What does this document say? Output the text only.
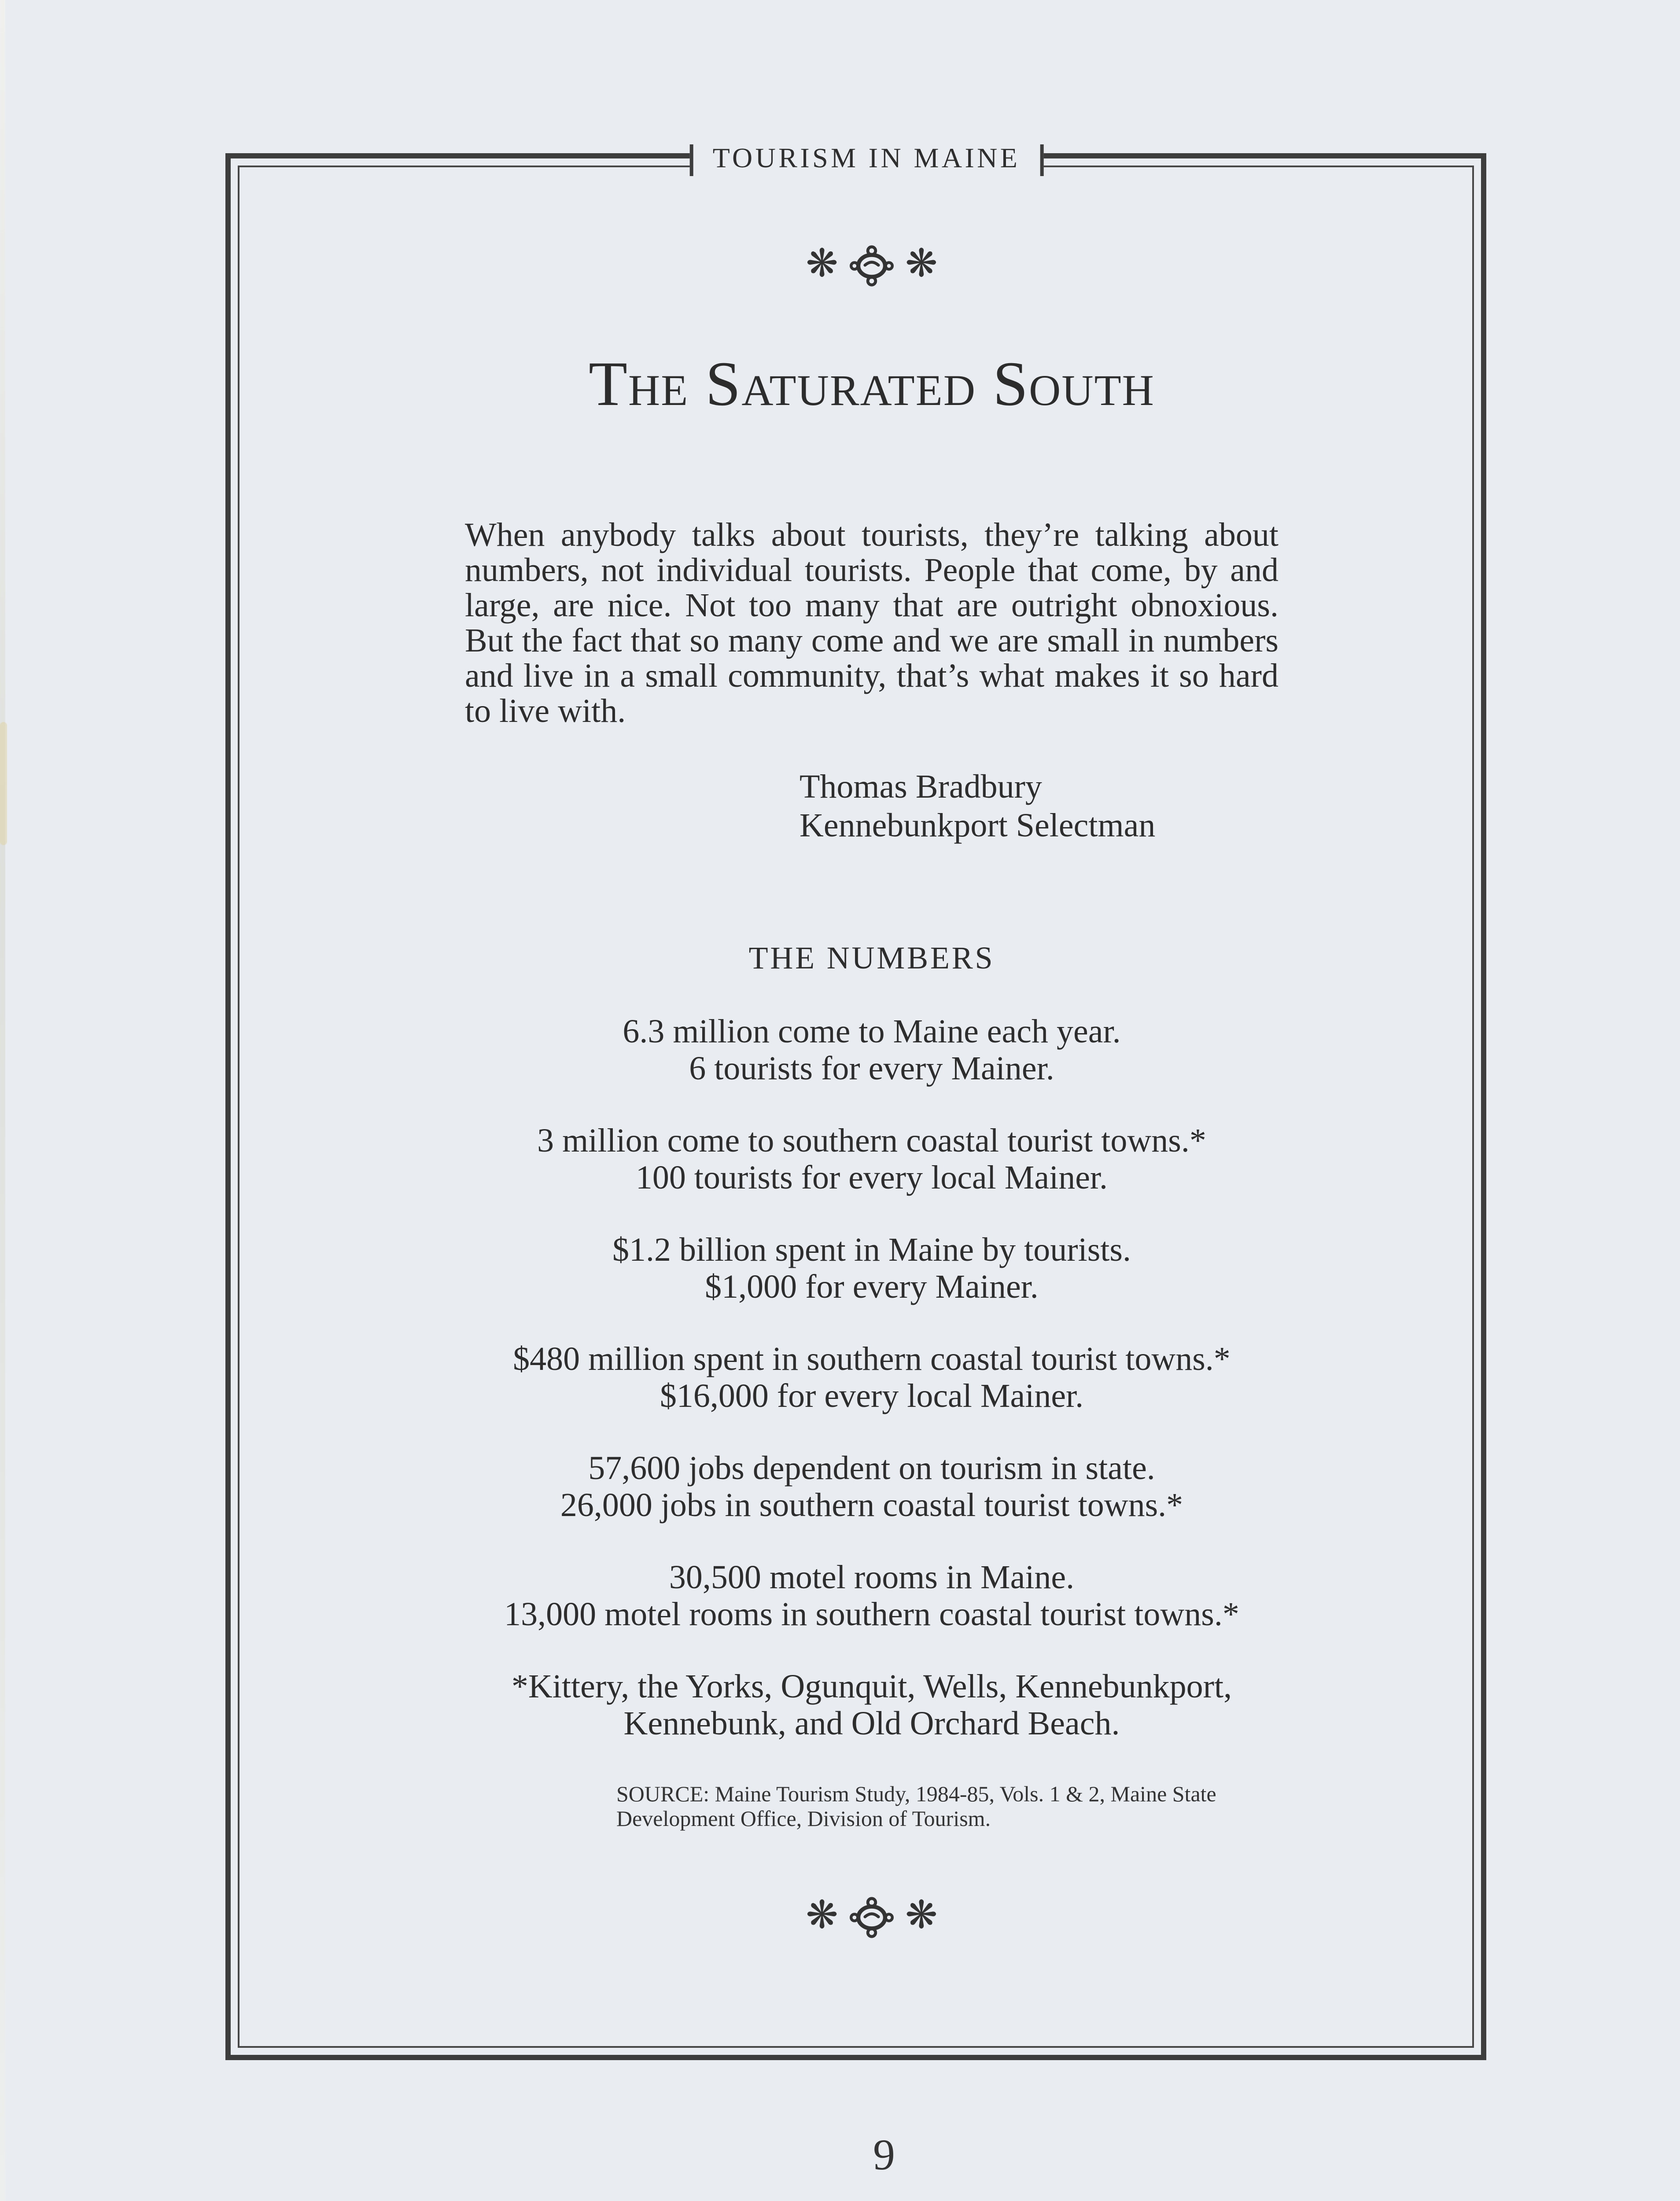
TOURISM IN MAINE
❋	❋
The Saturated South

When anybody talks about tourists, they’re talking about numbers, not individual tourists. People that come, by and large, are nice. Not too many that are outright obnoxious. But the fact that so many come and we are small in numbers and live in a small community, that’s what makes it so hard to live with.

Thomas Bradbury
Kennebunkport Selectman
THE NUMBERS
6.3 million come to Maine each year.
6 tourists for every Mainer.
3 million come to southern coastal tourist towns.*
100 tourists for every local Mainer.
$1.2 billion spent in Maine by tourists.
$1,000 for every Mainer.
$480 million spent in southern coastal tourist towns.*
$16,000 for every local Mainer.
57,600 jobs dependent on tourism in state.
26,000 jobs in southern coastal tourist towns.*
30,500 motel rooms in Maine.
13,000 motel rooms in southern coastal tourist towns.*
*Kittery, the Yorks, Ogunquit, Wells, Kennebunkport,
Kennebunk, and Old Orchard Beach.
SOURCE: Maine Tourism Study, 1984-85, Vols. 1 & 2, Maine State
Development Office, Division of Tourism.
❋	❋
9
